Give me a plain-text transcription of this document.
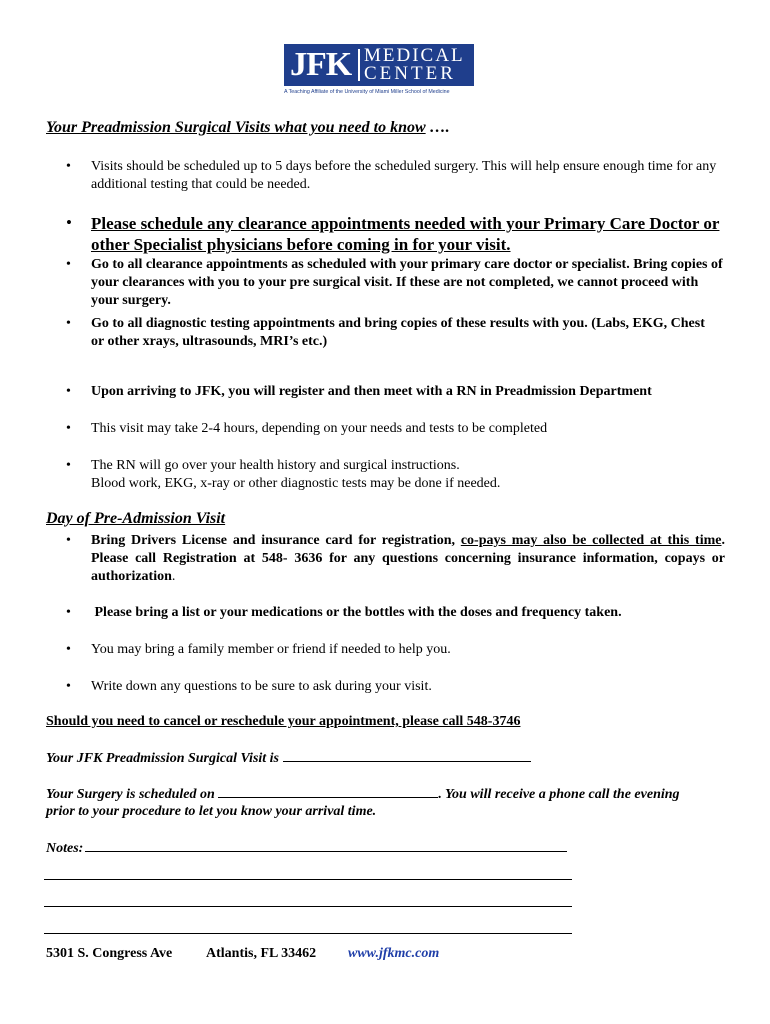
JFK MEDICAL
CENTER
A Teaching Affiliate of the University of Miami Miller School of Medicine
Your Preadmission Surgical Visits what you need to know ….
• Visits should be scheduled up to 5 days before the scheduled surgery. This will help ensure enough time for any additional testing that could be needed.
• Please schedule any clearance appointments needed with your Primary Care Doctor or other Specialist physicians before coming in for your visit.
• Go to all clearance appointments as scheduled with your primary care doctor or specialist. Bring copies of your clearances with you to your pre surgical visit. If these are not completed, we cannot proceed with your surgery.
• Go to all diagnostic testing appointments and bring copies of these results with you. (Labs, EKG, Chest or other xrays, ultrasounds, MRI’s etc.)
• Upon arriving to JFK, you will register and then meet with a RN in Preadmission Department
• This visit may take 2-4 hours, depending on your needs and tests to be completed
• The RN will go over your health history and surgical instructions.
Blood work, EKG, x-ray or other diagnostic tests may be done if needed.
Day of Pre-Admission Visit
• Bring Drivers License and insurance card for registration, co-pays may also be collected at this time. Please call Registration at 548- 3636 for any questions concerning insurance information, copays or authorization.
• Please bring a list or your medications or the bottles with the doses and frequency taken.
• You may bring a family member or friend if needed to help you.
• Write down any questions to be sure to ask during your visit.
Should you need to cancel or reschedule your appointment, please call 548-3746
Your JFK Preadmission Surgical Visit is
Your Surgery is scheduled on	. You will receive a phone call the evening
prior to your procedure to let you know your arrival time.
Notes:
5301 S. Congress Ave Atlantis, FL 33462 www.jfkmc.com
